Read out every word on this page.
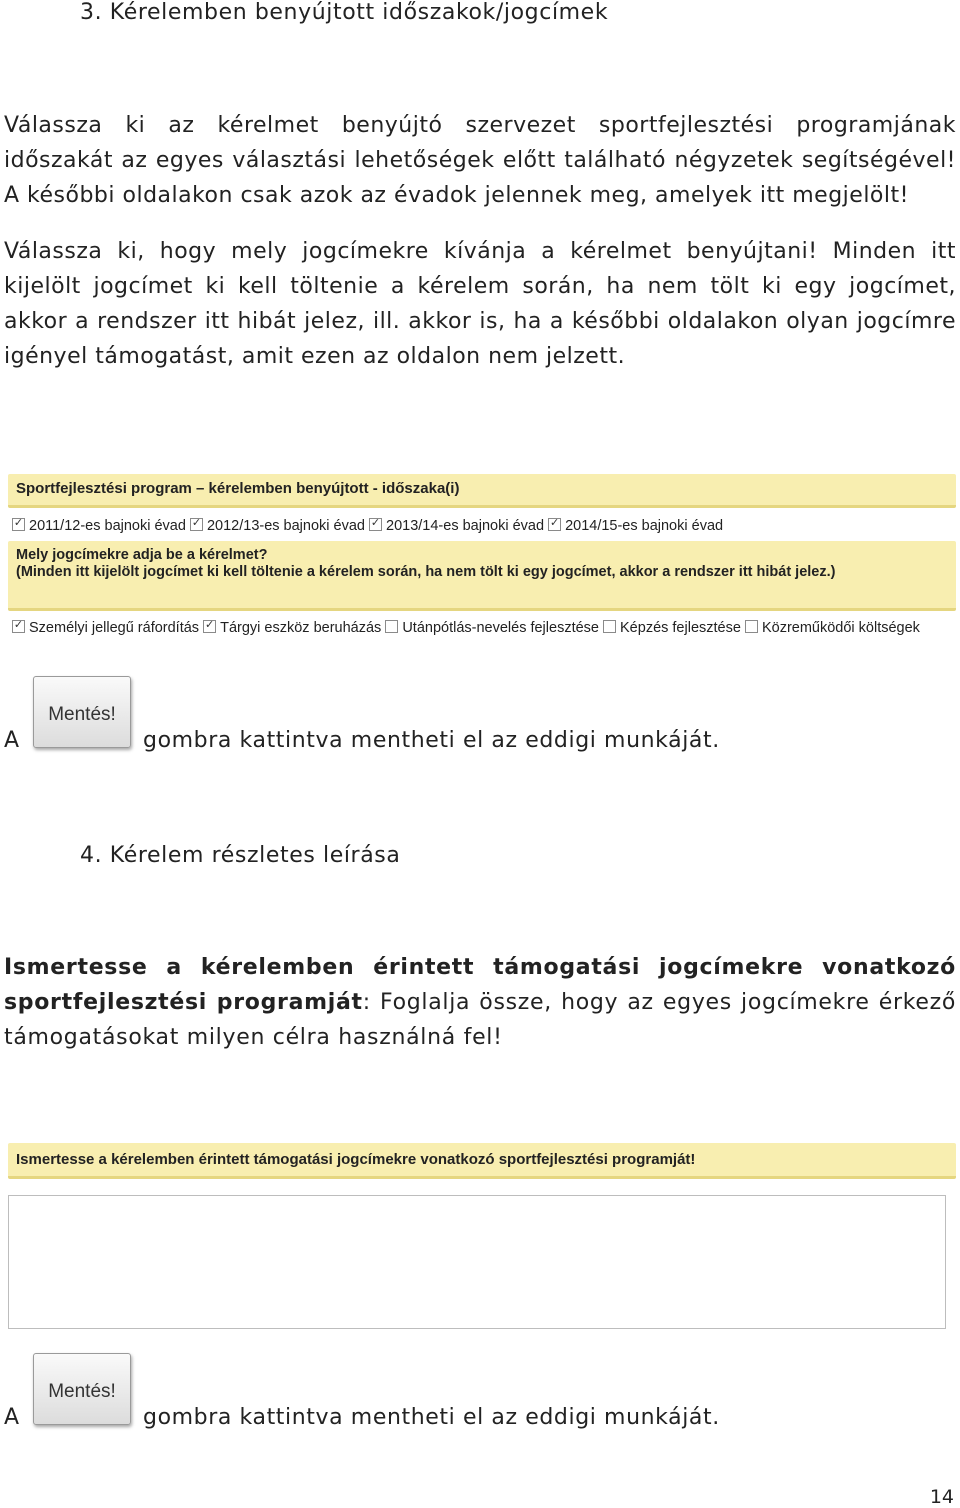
3. Kérelemben benyújtott időszakok/jogcímek

Válassza ki az kérelmet benyújtó szervezet sportfejlesztési programjának időszakát az egyes választási lehetőségek előtt található négyzetek segítségével! A későbbi oldalakon csak azok az évadok jelennek meg, amelyek itt megjelölt!

Válassza ki, hogy mely jogcímekre kívánja a kérelmet benyújtani! Minden itt kijelölt jogcímet ki kell töltenie a kérelem során, ha nem tölt ki egy jogcímet, akkor a rendszer itt hibát jelez, ill. akkor is, ha a későbbi oldalakon olyan jogcímre igényel támogatást, amit ezen az oldalon nem jelzett.

Sportfejlesztési program – kérelemben benyújtott - időszaka(i)
✓2011/12-es bajnoki évad ✓ 2012/13-es bajnoki évad ✓ 2013/14-es bajnoki évad ✓ 2014/15-es bajnoki évad
Mely jogcímekre adja be a kérelmet?
(Minden itt kijelölt jogcímet ki kell töltenie a kérelem során, ha nem tölt ki egy jogcímet, akkor a rendszer itt hibát jelez.)
✓Személyi jellegű ráfordítás ✓ Tárgyi eszköz beruházás Utánpótlás-nevelés fejlesztése Képzés fejlesztése Közreműködői költségek
A
Mentés!
gombra kattintva mentheti el az eddigi munkáját.
4. Kérelem részletes leírása

Ismertesse a kérelemben érintett támogatási jogcímekre vonatkozó sportfejlesztési programját: Foglalja össze, hogy az egyes jogcímekre érkező támogatásokat milyen célra használná fel!

Ismertesse a kérelemben érintett támogatási jogcímekre vonatkozó sportfejlesztési programját!
A
Mentés!
gombra kattintva mentheti el az eddigi munkáját.
14
